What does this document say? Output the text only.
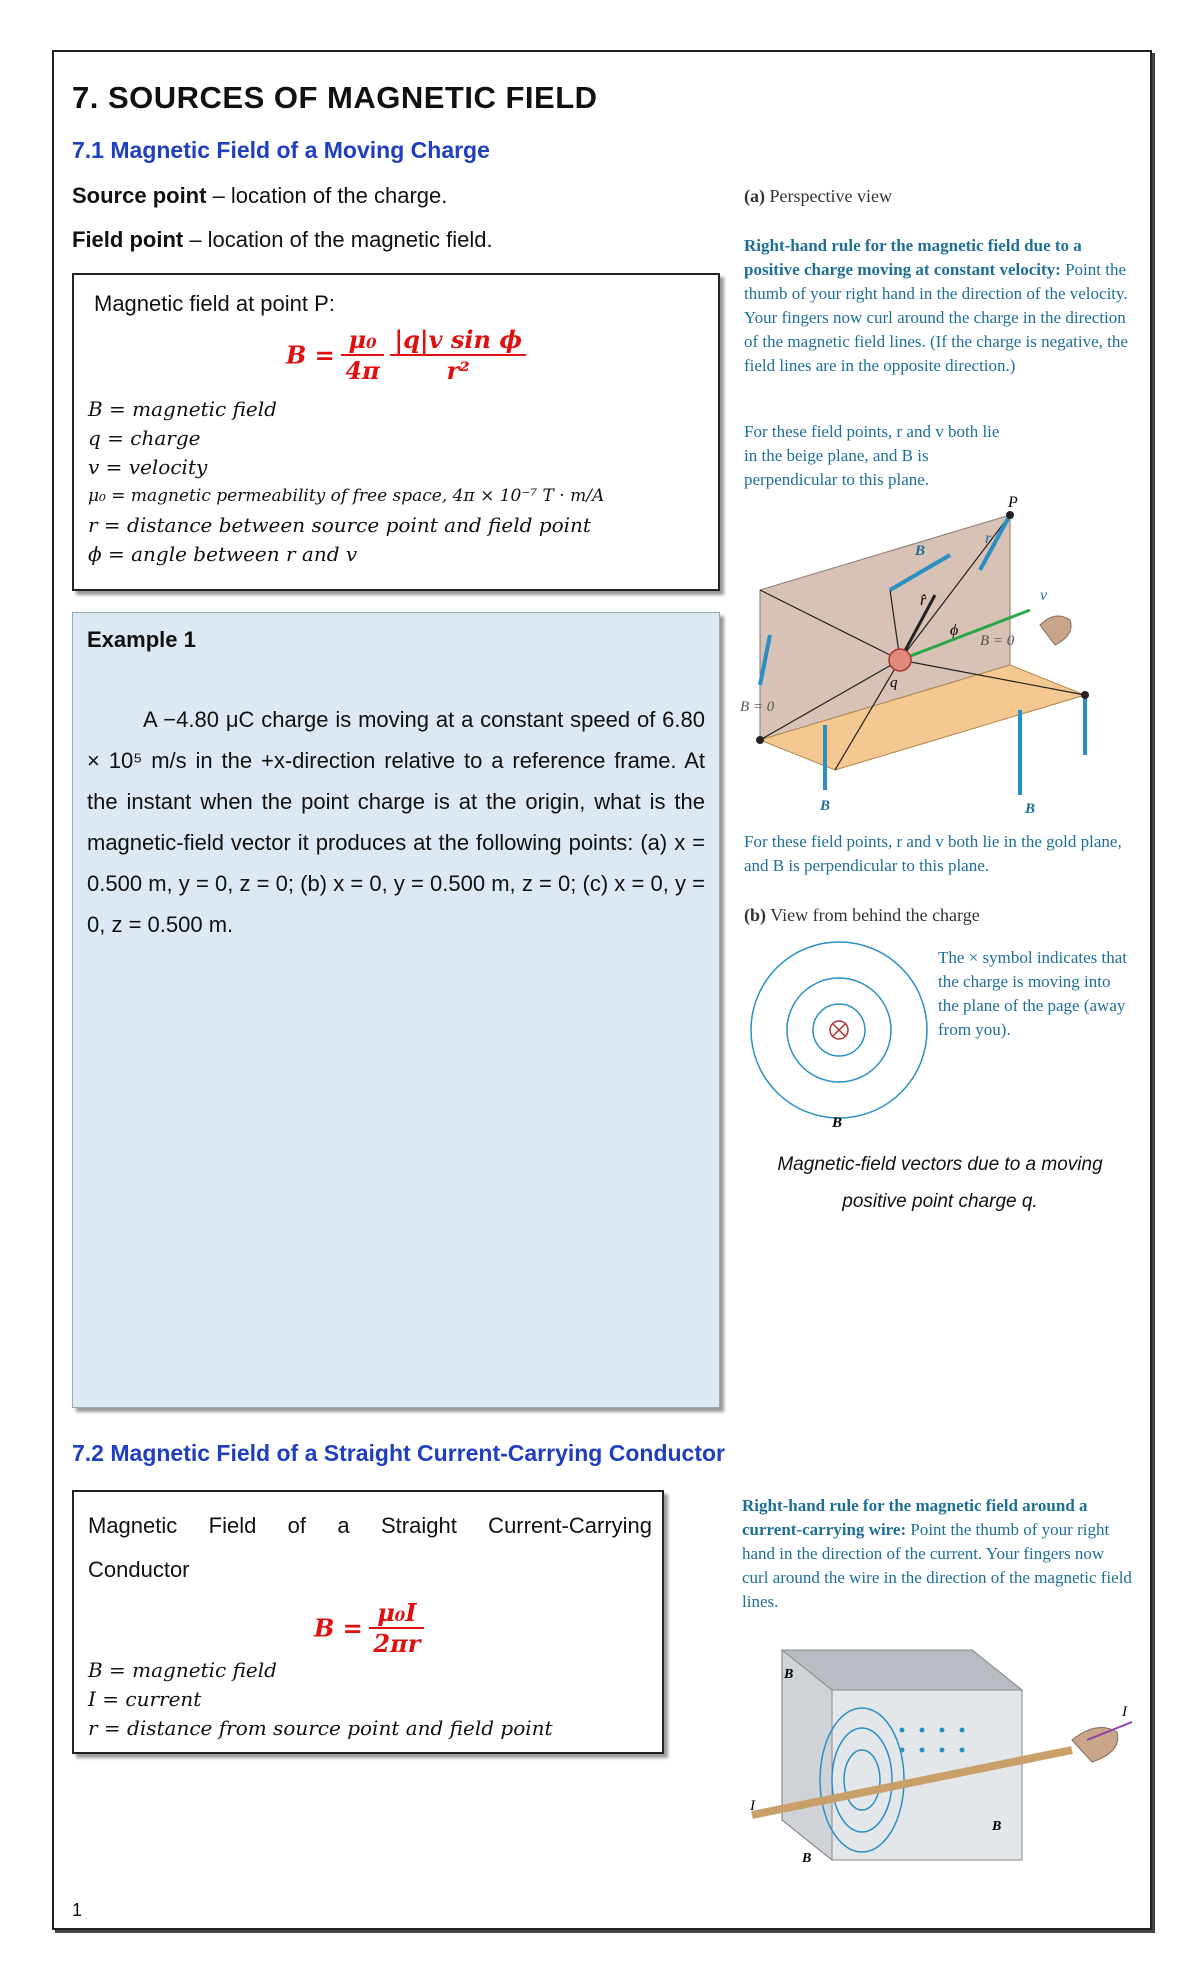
7. SOURCES OF MAGNETIC FIELD
7.1 Magnetic Field of a Moving Charge
Source point – location of the charge.
Field point – location of the magnetic field.
Magnetic field at point P:
$B = \frac{\text{μ₀}}{4\pi}$
$\frac{\text{|q|v sin ϕ}}{\text{r²}}$
B = magnetic field
q = charge
v = velocity
μ₀ = magnetic permeability of free space, 4π × 10⁻⁷ T · m/A
r = distance between source point and field point
ϕ = angle between r and v
Example 1
A −4.80 μC charge is moving at a constant speed of 6.80 × 10⁵ m/s in the +x-direction relative to a reference frame. At the instant when the point charge is at the origin, what is the magnetic-field vector it produces at the following points: (a) x = 0.500 m, y = 0, z = 0; (b) x = 0, y = 0.500 m, z = 0; (c) x = 0, y = 0, z = 0.500 m.
(a) Perspective view
Right-hand rule for the magnetic field due to a positive charge moving at constant velocity: Point the thumb of your right hand in the direction of the velocity. Your fingers now curl around the charge in the direction of the magnetic field lines. (If the charge is negative, the field lines are in the opposite direction.)
For these field points, r and v both lie in the beige plane, and B is perpendicular to this plane.
P
r
r̂
ϕ
q
v
B = 0
B = 0
B
B	B
For these field points, r and v both lie in the gold plane, and B is perpendicular to this plane.
(b) View from behind the charge
B
The × symbol indicates that the charge is moving into the plane of the page (away from you).
Magnetic-field vectors due to a moving
positive point charge q.
7.2 Magnetic Field of a Straight Current-Carrying Conductor
Magnetic Field of a Straight Current-Carrying
Conductor
$B = \frac{\text{μ₀I}}{2\pi r}$
B = magnetic field
I = current
r = distance from source point and field point
Right-hand rule for the magnetic field around a current-carrying wire: Point the thumb of your right hand in the direction of the current. Your fingers now curl around the wire in the direction of the magnetic field lines.
I
I
B
B
B
1
